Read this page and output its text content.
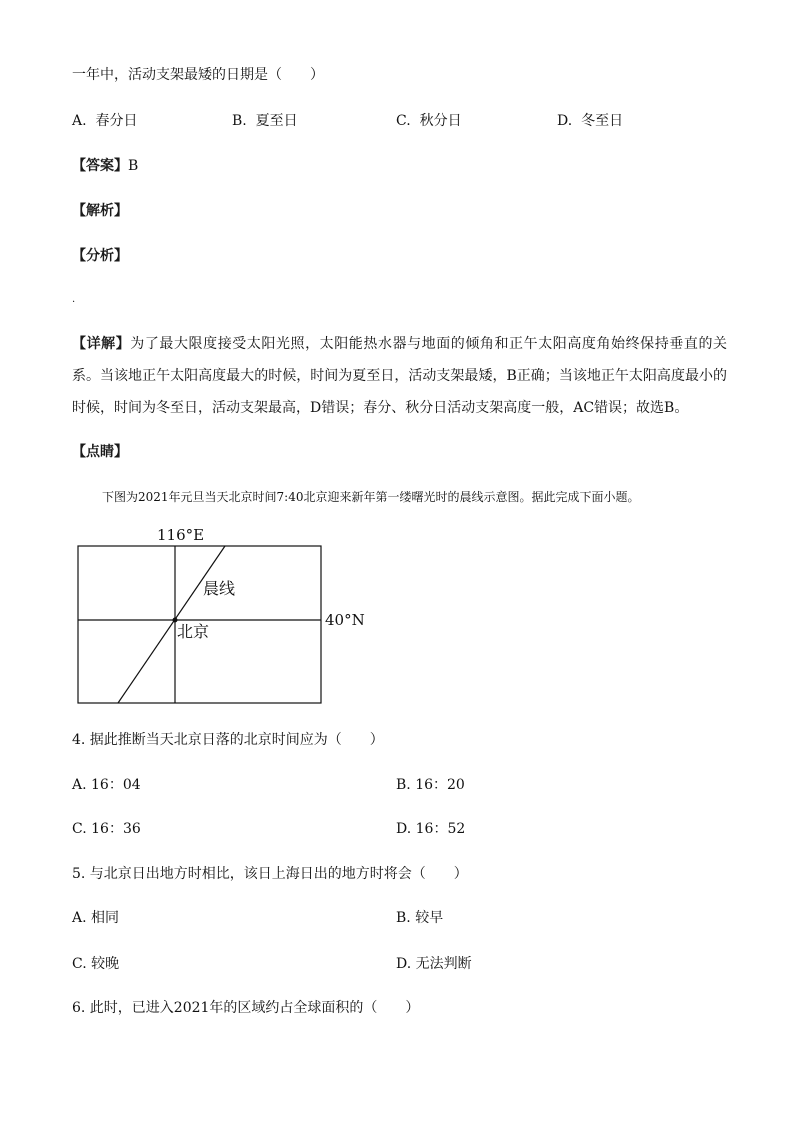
一年中，活动支架最矮的日期是（　　）
A. 春分日	B. 夏至日	C. 秋分日	D. 冬至日
【答案】B
【解析】
【分析】
.
【详解】为了最大限度接受太阳光照，太阳能热水器与地面的倾角和正午太阳高度角始终保持垂直的关系。当该地正午太阳高度最大的时候，时间为夏至日，活动支架最矮，B正确；当该地正午太阳高度最小的时候，时间为冬至日，活动支架最高，D错误；春分、秋分日活动支架高度一般，AC错误；故选B。
【点睛】
下图为2021年元旦当天北京时间7:40北京迎来新年第一缕曙光时的晨线示意图。据此完成下面小题。
116°E
40°N
晨线
北京
4. 据此推断当天北京日落的北京时间应为（　　）
A. 16：04	B. 16：20
C. 16：36	D. 16：52
5. 与北京日出地方时相比，该日上海日出的地方时将会（　　）
A. 相同	B. 较早
C. 较晚	D. 无法判断
6. 此时，已进入2021年的区域约占全球面积的（　　）
